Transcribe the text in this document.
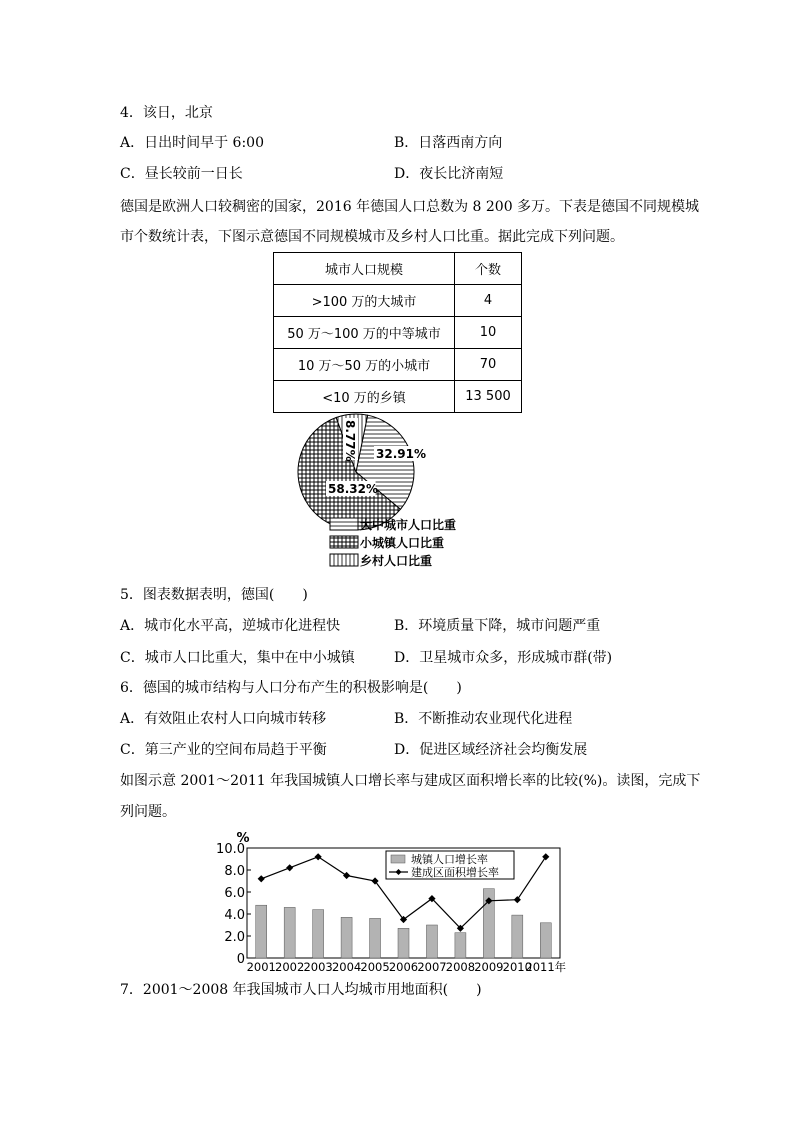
4．该日，北京
A．日出时间早于 6:00	B．日落西南方向
C．昼长较前一日长	D．夜长比济南短
德国是欧洲人口较稠密的国家，2016 年德国人口总数为 8 200 多万。下表是德国不同规模城
市个数统计表，下图示意德国不同规模城市及乡村人口比重。据此完成下列问题。
城市人口规模	个数
>100 万的大城市	4
50 万～100 万的中等城市	10
10 万～50 万的小城市	70
<10 万的乡镇	13 500
32.91%
58.32%
8.77%
大中城市人口比重
小城镇人口比重
乡村人口比重
5．图表数据表明，德国(　　)
A．城市化水平高，逆城市化进程快	B．环境质量下降，城市问题严重
C．城市人口比重大，集中在中小城镇	D．卫星城市众多，形成城市群(带)
6．德国的城市结构与人口分布产生的积极影响是(　　)
A．有效阻止农村人口向城市转移	B．不断推动农业现代化进程
C．第三产业的空间布局趋于平衡	D．促进区域经济社会均衡发展
如图示意 2001～2011 年我国城镇人口增长率与建成区面积增长率的比较(%)。读图，完成下
列问题。
0
2.0
4.0
6.0
8.0
10.0
%
2001 2002 2003 2004 2005 2006 2007 2008 2009 2010
2011年
城镇人口增长率
建成区面积增长率
7．2001～2008 年我国城市人口人均城市用地面积(　　)
